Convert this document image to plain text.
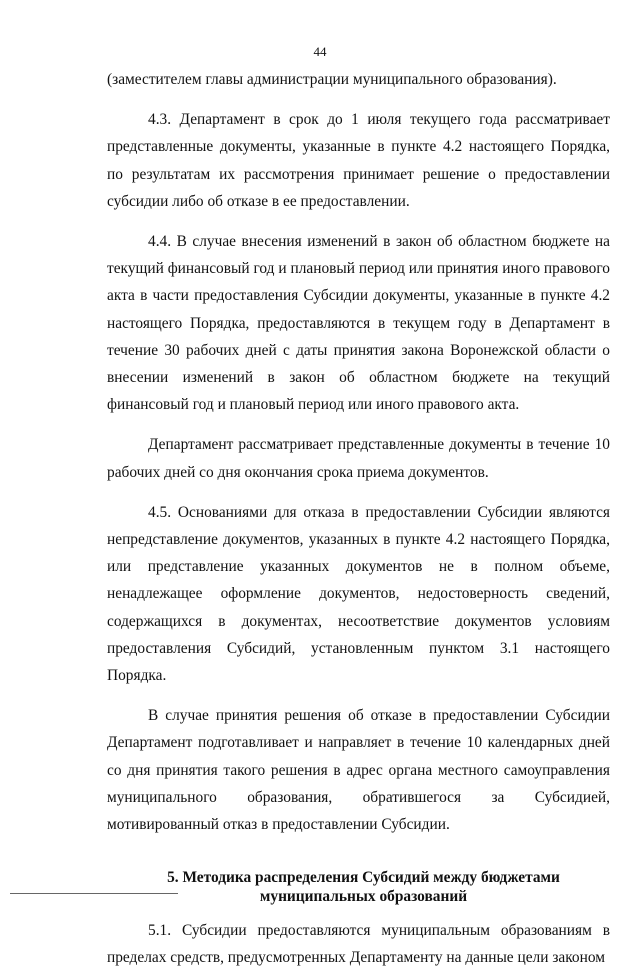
44

(заместителем главы администрации муниципального образования).

4.3. Департамент в срок до 1 июля текущего года рассматривает представленные документы, указанные в пункте 4.2 настоящего Порядка, по результатам их рассмотрения принимает решение о предоставлении субсидии либо об отказе в ее предоставлении.

4.4. В случае внесения изменений в закон об областном бюджете на текущий финансовый год и плановый период или принятия иного правового акта в части предоставления Субсидии документы, указанные в пункте 4.2 настоящего Порядка, предоставляются в текущем году в Департамент в течение 30 рабочих дней с даты принятия закона Воронежской области о внесении изменений в закон об областном бюджете на текущий финансовый год и плановый период или иного правового акта.

Департамент рассматривает представленные документы в течение 10 рабочих дней со дня окончания срока приема документов.

4.5. Основаниями для отказа в предоставлении Субсидии являются непредставление документов, указанных в пункте 4.2 настоящего Порядка, или представление указанных документов не в полном объеме, ненадлежащее оформление документов, недостоверность сведений, содержащихся в документах, несоответствие документов условиям предоставления Субсидий, установленным пунктом 3.1 настоящего Порядка.

В случае принятия решения об отказе в предоставлении Субсидии Департамент подготавливает и направляет в течение 10 календарных дней со дня принятия такого решения в адрес органа местного самоуправления муниципального образования, обратившегося за Субсидией, мотивированный отказ в предоставлении Субсидии.

5. Методика распределения Субсидий между бюджетами

муниципальных образований

5.1. Субсидии предоставляются муниципальным образованиям в пределах средств, предусмотренных Департаменту на данные цели законом
